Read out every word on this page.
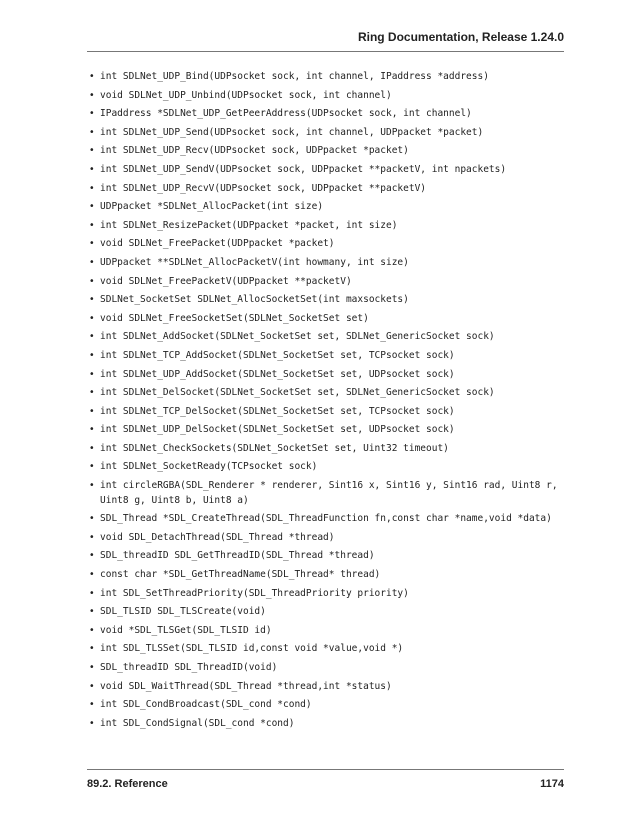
Ring Documentation, Release 1.24.0
• int SDLNet_UDP_Bind(UDPsocket sock, int channel, IPaddress *address)
• void SDLNet_UDP_Unbind(UDPsocket sock, int channel)
• IPaddress *SDLNet_UDP_GetPeerAddress(UDPsocket sock, int channel)
• int SDLNet_UDP_Send(UDPsocket sock, int channel, UDPpacket *packet)
• int SDLNet_UDP_Recv(UDPsocket sock, UDPpacket *packet)
• int SDLNet_UDP_SendV(UDPsocket sock, UDPpacket **packetV, int npackets)
• int SDLNet_UDP_RecvV(UDPsocket sock, UDPpacket **packetV)
• UDPpacket *SDLNet_AllocPacket(int size)
• int SDLNet_ResizePacket(UDPpacket *packet, int size)
• void SDLNet_FreePacket(UDPpacket *packet)
• UDPpacket **SDLNet_AllocPacketV(int howmany, int size)
• void SDLNet_FreePacketV(UDPpacket **packetV)
• SDLNet_SocketSet SDLNet_AllocSocketSet(int maxsockets)
• void SDLNet_FreeSocketSet(SDLNet_SocketSet set)
• int SDLNet_AddSocket(SDLNet_SocketSet set, SDLNet_GenericSocket sock)
• int SDLNet_TCP_AddSocket(SDLNet_SocketSet set, TCPsocket sock)
• int SDLNet_UDP_AddSocket(SDLNet_SocketSet set, UDPsocket sock)
• int SDLNet_DelSocket(SDLNet_SocketSet set, SDLNet_GenericSocket sock)
• int SDLNet_TCP_DelSocket(SDLNet_SocketSet set, TCPsocket sock)
• int SDLNet_UDP_DelSocket(SDLNet_SocketSet set, UDPsocket sock)
• int SDLNet_CheckSockets(SDLNet_SocketSet set, Uint32 timeout)
• int SDLNet_SocketReady(TCPsocket sock)
• int circleRGBA(SDL_Renderer * renderer, Sint16 x, Sint16 y, Sint16 rad, Uint8 r, Uint8 g, Uint8 b, Uint8 a)
• SDL_Thread *SDL_CreateThread(SDL_ThreadFunction fn,const char *name,void *data)
• void SDL_DetachThread(SDL_Thread *thread)
• SDL_threadID SDL_GetThreadID(SDL_Thread *thread)
• const char *SDL_GetThreadName(SDL_Thread* thread)
• int SDL_SetThreadPriority(SDL_ThreadPriority priority)
• SDL_TLSID SDL_TLSCreate(void)
• void *SDL_TLSGet(SDL_TLSID id)
• int SDL_TLSSet(SDL_TLSID id,const void *value,void *)
• SDL_threadID SDL_ThreadID(void)
• void SDL_WaitThread(SDL_Thread *thread,int *status)
• int SDL_CondBroadcast(SDL_cond *cond)
• int SDL_CondSignal(SDL_cond *cond)
89.2. Reference	1174
